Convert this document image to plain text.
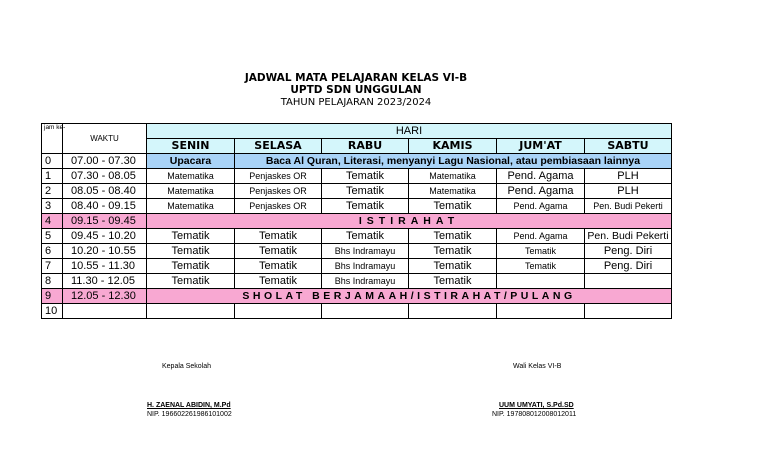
JADWAL MATA PELAJARAN KELAS VI-B
UPTD SDN UNGGULAN
TAHUN PELAJARAN 2023/2024
jam ke-	WAKTU	HARI					
		SENIN	SELASA	RABU	KAMIS	JUM'AT	SABTU
0	07.00 - 07.30	Upacara	Baca Al Quran, Literasi, menyanyi Lagu Nasional, atau pembiasaan lainnya				
1	07.30 - 08.05	Matematika	Penjaskes OR	Tematik	Matematika	Pend. Agama	PLH
2	08.05 - 08.40	Matematika	Penjaskes OR	Tematik	Matematika	Pend. Agama	PLH
3	08.40 - 09.15	Matematika	Penjaskes OR	Tematik	Tematik	Pend. Agama	Pen. Budi Pekerti
4	09.15 - 09.45	ISTIRAHAT					
5	09.45 - 10.20	Tematik	Tematik	Tematik	Tematik	Pend. Agama	Pen. Budi Pekerti
6	10.20 - 10.55	Tematik	Tematik	Bhs Indramayu	Tematik	Tematik	Peng. Diri
7	10.55 - 11.30	Tematik	Tematik	Bhs Indramayu	Tematik	Tematik	Peng. Diri
8	11.30 - 12.05	Tematik	Tematik	Bhs Indramayu	Tematik		
9	12.05 - 12.30	SHOLAT BERJAMAAH/ISTIRAHAT/PULANG					
10							
Kepala Sekolah
H. ZAENAL ABIDIN, M.Pd
NIP. 196602261986101002
Wali Kelas VI-B
UUM UMYATI, S.Pd.SD
NIP. 197808012008012011
